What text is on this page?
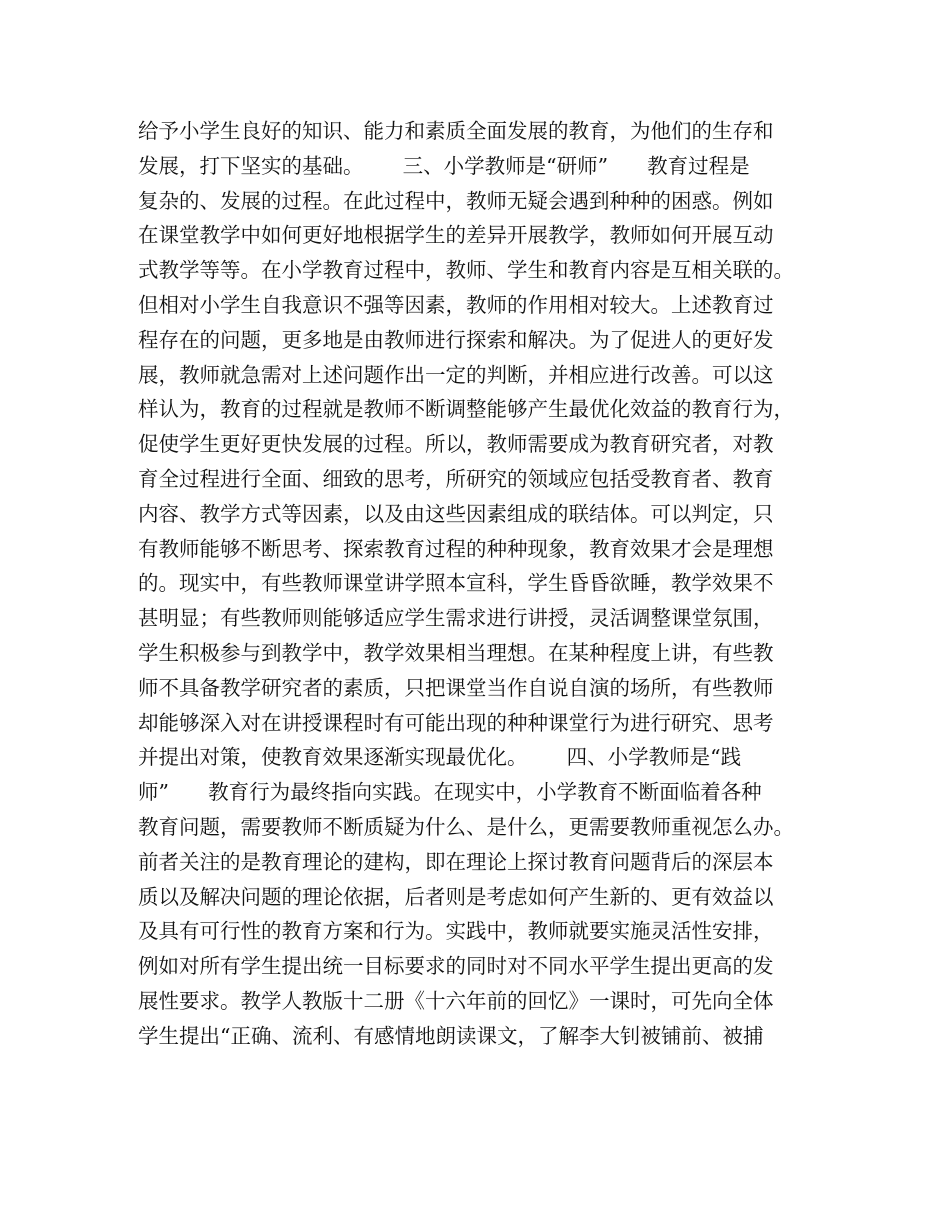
给予小学生良好的知识、能力和素质全面发展的教育，为他们的生存和
发展，打下坚实的基础。      三、小学教师是“研师”      教育过程是
复杂的、发展的过程。在此过程中，教师无疑会遇到种种的困惑。例如
在课堂教学中如何更好地根据学生的差异开展教学，教师如何开展互动
式教学等等。在小学教育过程中，教师、学生和教育内容是互相关联的。
但相对小学生自我意识不强等因素，教师的作用相对较大。上述教育过
程存在的问题，更多地是由教师进行探索和解决。为了促进人的更好发
展，教师就急需对上述问题作出一定的判断，并相应进行改善。可以这
样认为，教育的过程就是教师不断调整能够产生最优化效益的教育行为，
促使学生更好更快发展的过程。所以，教师需要成为教育研究者，对教
育全过程进行全面、细致的思考，所研究的领域应包括受教育者、教育
内容、教学方式等因素，以及由这些因素组成的联结体。可以判定，只
有教师能够不断思考、探索教育过程的种种现象，教育效果才会是理想
的。现实中，有些教师课堂讲学照本宣科，学生昏昏欲睡，教学效果不
甚明显；有些教师则能够适应学生需求进行讲授，灵活调整课堂氛围，
学生积极参与到教学中，教学效果相当理想。在某种程度上讲，有些教
师不具备教学研究者的素质，只把课堂当作自说自演的场所，有些教师
却能够深入对在讲授课程时有可能出现的种种课堂行为进行研究、思考
并提出对策，使教育效果逐渐实现最优化。      四、小学教师是“践
师”      教育行为最终指向实践。在现实中，小学教育不断面临着各种
教育问题，需要教师不断质疑为什么、是什么，更需要教师重视怎么办。
前者关注的是教育理论的建构，即在理论上探讨教育问题背后的深层本
质以及解决问题的理论依据，后者则是考虑如何产生新的、更有效益以
及具有可行性的教育方案和行为。实践中，教师就要实施灵活性安排，
例如对所有学生提出统一目标要求的同时对不同水平学生提出更高的发
展性要求。教学人教版十二册《十六年前的回忆》一课时，可先向全体
学生提出“正确、流利、有感情地朗读课文，了解李大钊被铺前、被捕
